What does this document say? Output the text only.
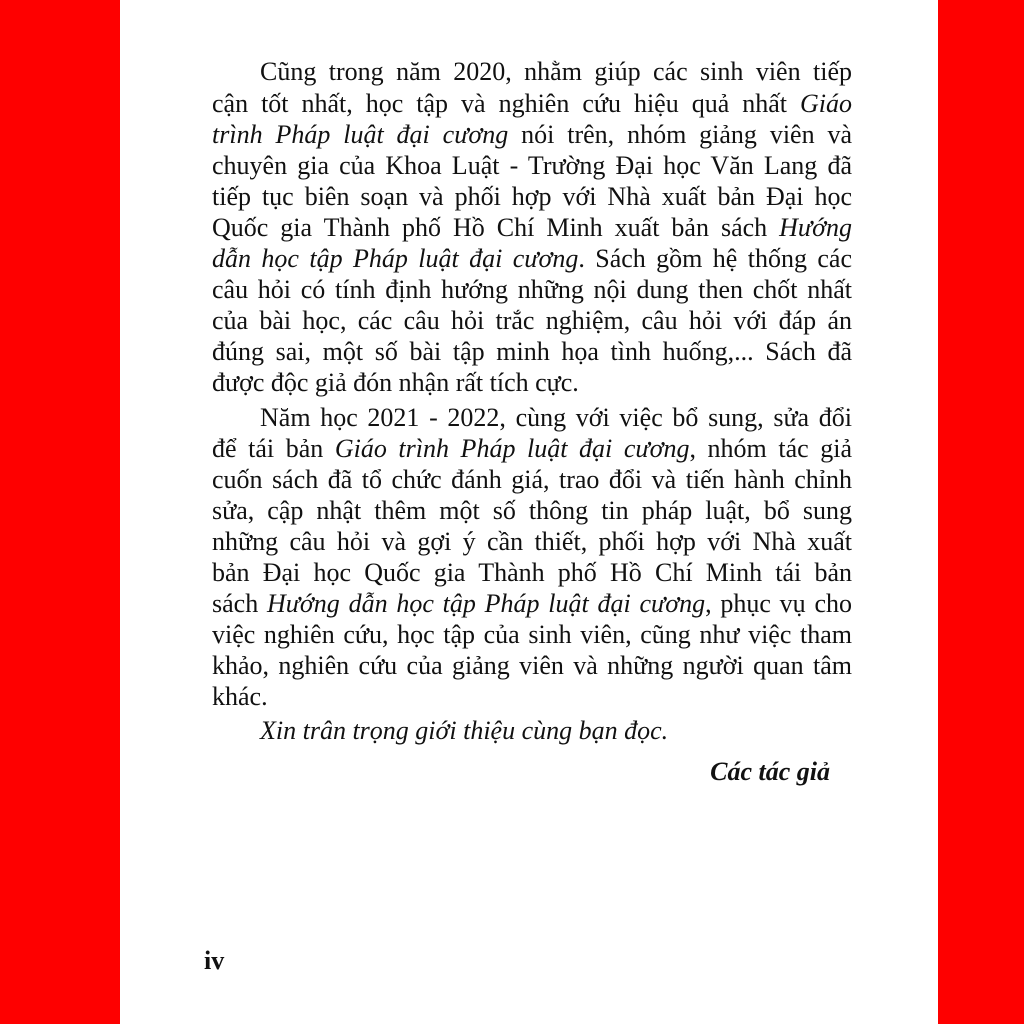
Cũng trong năm 2020, nhằm giúp các sinh viên tiếp
cận tốt nhất, học tập và nghiên cứu hiệu quả nhất Giáo
trình Pháp luật đại cương nói trên, nhóm giảng viên và
chuyên gia của Khoa Luật - Trường Đại học Văn Lang đã
tiếp tục biên soạn và phối hợp với Nhà xuất bản Đại học
Quốc gia Thành phố Hồ Chí Minh xuất bản sách Hướng
dẫn học tập Pháp luật đại cương. Sách gồm hệ thống các
câu hỏi có tính định hướng những nội dung then chốt nhất
của bài học, các câu hỏi trắc nghiệm, câu hỏi với đáp án
đúng sai, một số bài tập minh họa tình huống,... Sách đã
được độc giả đón nhận rất tích cực.
Năm học 2021 - 2022, cùng với việc bổ sung, sửa đổi
để tái bản Giáo trình Pháp luật đại cương, nhóm tác giả
cuốn sách đã tổ chức đánh giá, trao đổi và tiến hành chỉnh
sửa, cập nhật thêm một số thông tin pháp luật, bổ sung
những câu hỏi và gợi ý cần thiết, phối hợp với Nhà xuất
bản Đại học Quốc gia Thành phố Hồ Chí Minh tái bản
sách Hướng dẫn học tập Pháp luật đại cương, phục vụ cho
việc nghiên cứu, học tập của sinh viên, cũng như việc tham
khảo, nghiên cứu của giảng viên và những người quan tâm
khác.
Xin trân trọng giới thiệu cùng bạn đọc.
Các tác giả
iv
